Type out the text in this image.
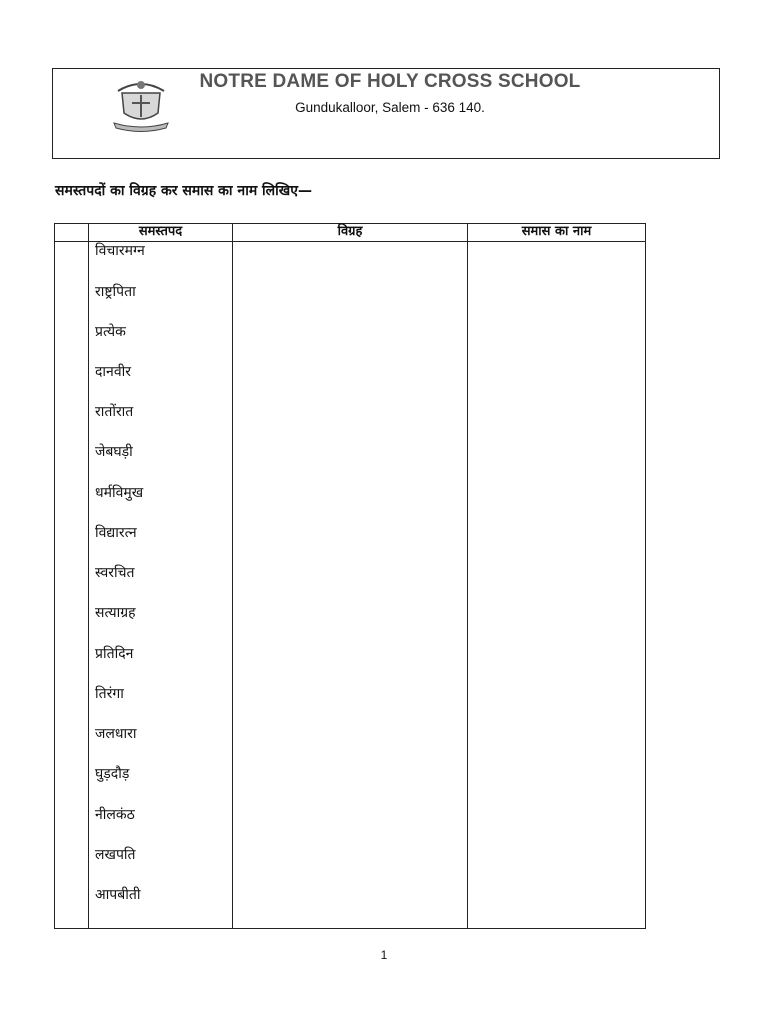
NOTRE DAME OF HOLY CROSS SCHOOL
Gundukalloor, Salem - 636 140.
समस्तपदों का विग्रह कर समास का नाम लिखिए—
समस्तपद	विग्रह	समास का नाम
विचारमग्न
राष्ट्रपिता
प्रत्येक
दानवीर
रातोंरात
जेबघड़ी
धर्मविमुख
विद्यारत्न
स्वरचित
सत्याग्रह
प्रतिदिन
तिरंगा
जलधारा
घुड़दौड़
नीलकंठ
लखपति
आपबीती
1
